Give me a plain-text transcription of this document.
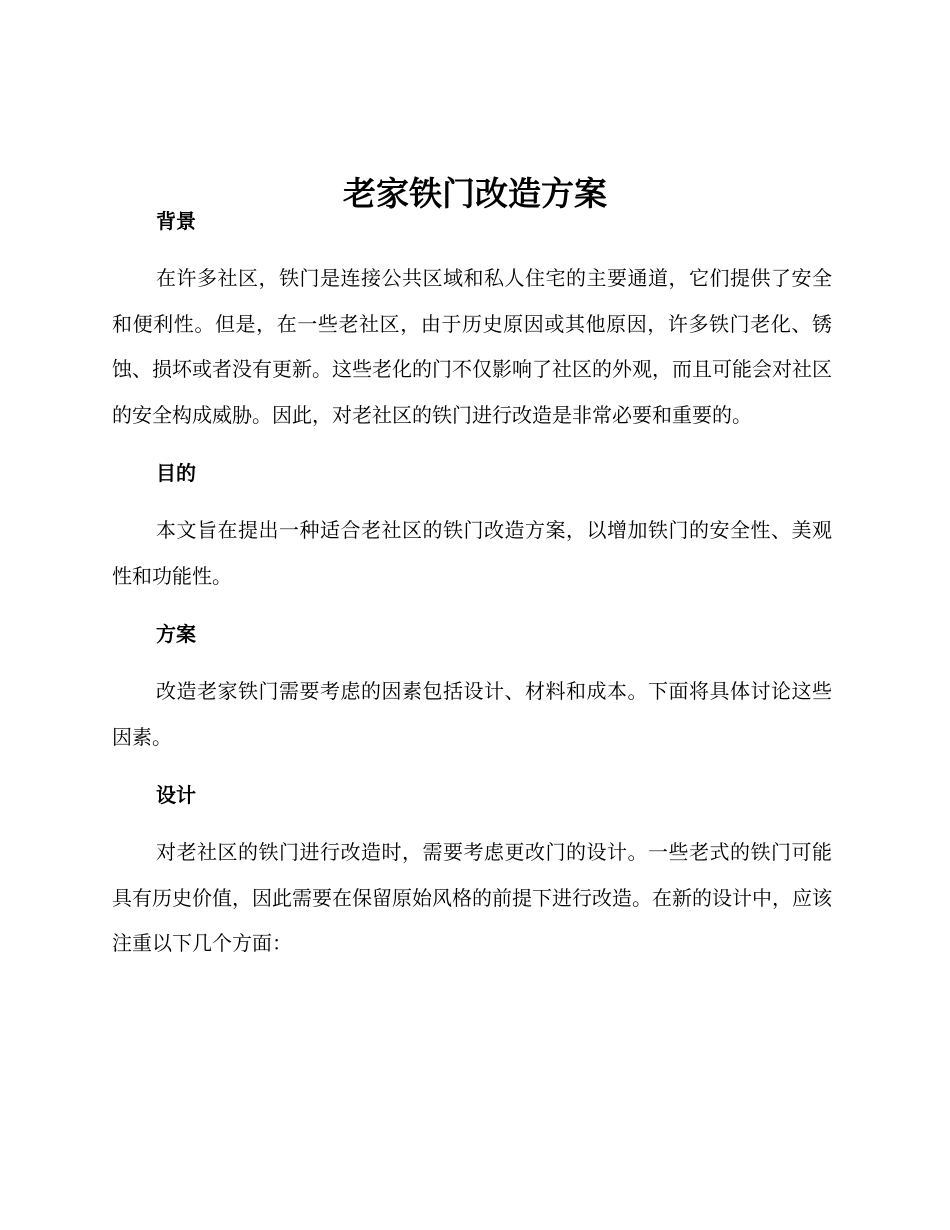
老家铁门改造方案
背景

在许多社区，铁门是连接公共区域和私人住宅的主要通道，它们提供了安全和便利性。但是，在一些老社区，由于历史原因或其他原因，许多铁门老化、锈蚀、损坏或者没有更新。这些老化的门不仅影响了社区的外观，而且可能会对社区的安全构成威胁。因此，对老社区的铁门进行改造是非常必要和重要的。

目的

本文旨在提出一种适合老社区的铁门改造方案，以增加铁门的安全性、美观性和功能性。

方案

改造老家铁门需要考虑的因素包括设计、材料和成本。下面将具体讨论这些因素。

设计

对老社区的铁门进行改造时，需要考虑更改门的设计。一些老式的铁门可能具有历史价值，因此需要在保留原始风格的前提下进行改造。在新的设计中，应该注重以下几个方面：
